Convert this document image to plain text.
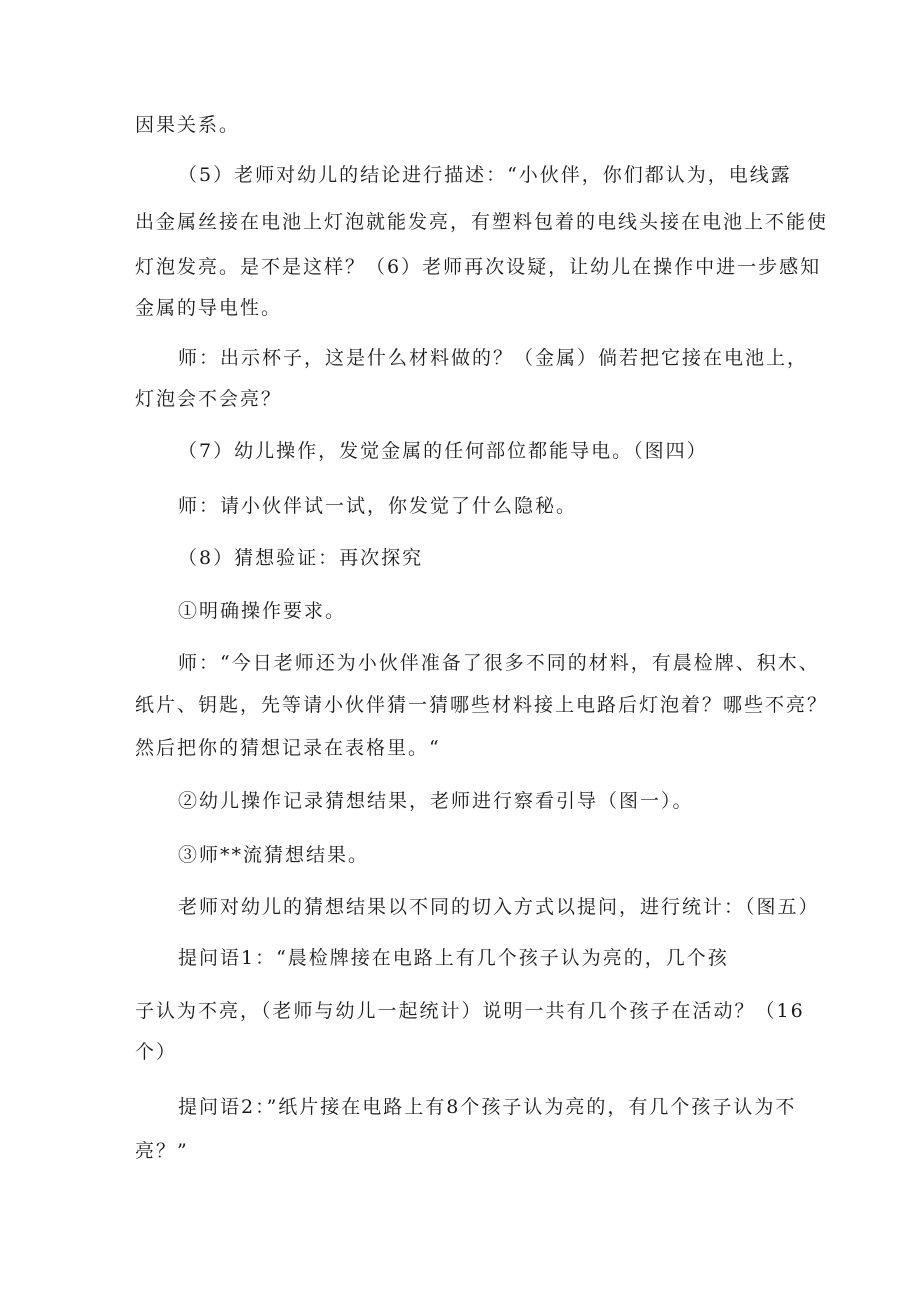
因果关系。

（5）老师对幼儿的结论进行描述：“小伙伴，你们都认为，电线露

出金属丝接在电池上灯泡就能发亮，有塑料包着的电线头接在电池上不能使

灯泡发亮。是不是这样？（6）老师再次设疑，让幼儿在操作中进一步感知

金属的导电性。

师：出示杯子，这是什么材料做的？（金属）倘若把它接在电池上，

灯泡会不会亮？

（7）幼儿操作，发觉金属的任何部位都能导电。（图四）

师：请小伙伴试一试，你发觉了什么隐秘。

（8）猜想验证：再次探究

①明确操作要求。

师：“今日老师还为小伙伴准备了很多不同的材料，有晨检牌、积木、

纸片、钥匙，先等请小伙伴猜一猜哪些材料接上电路后灯泡着？哪些不亮？

然后把你的猜想记录在表格里。“

②幼儿操作记录猜想结果，老师进行察看引导（图一）。

③师**流猜想结果。

老师对幼儿的猜想结果以不同的切入方式以提问，进行统计：（图五）

提问语1：“晨检牌接在电路上有几个孩子认为亮的，几个孩

子认为不亮，（老师与幼儿一起统计）说明一共有几个孩子在活动？（16

个）

提问语2：”纸片接在电路上有8个孩子认为亮的，有几个孩子认为不

亮？”
